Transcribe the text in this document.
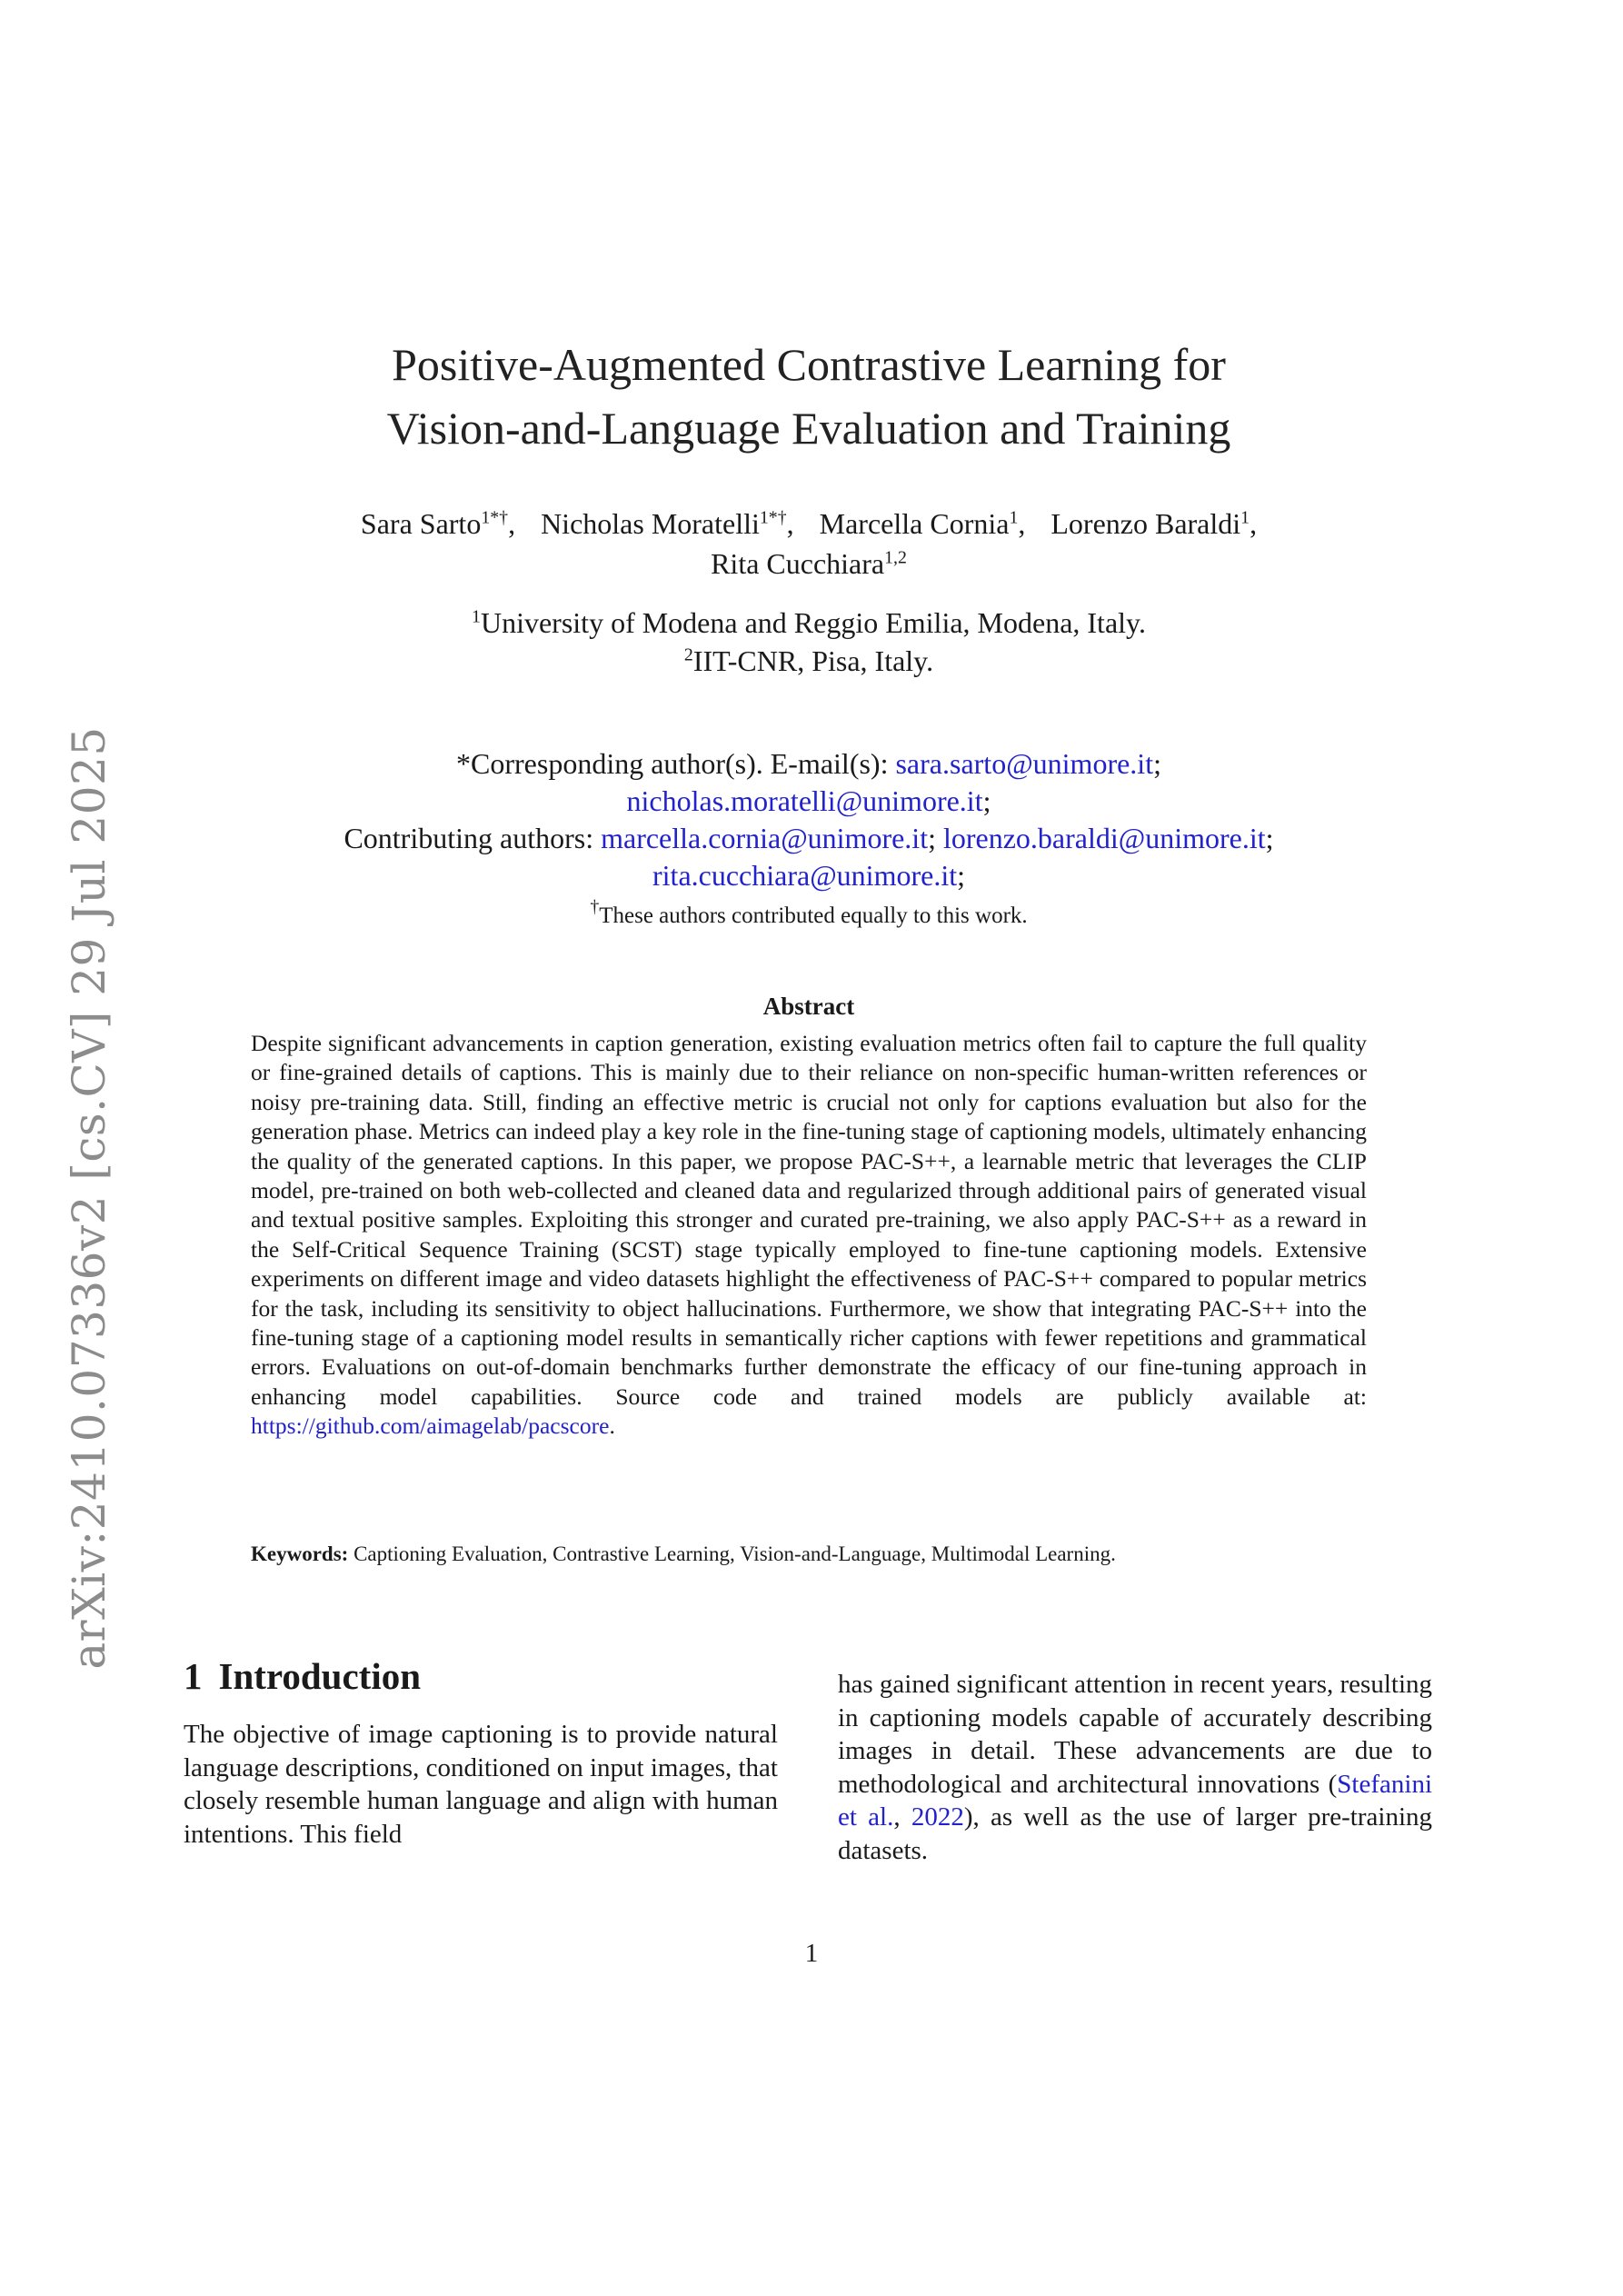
arXiv:2410.07336v2 [cs.CV] 29 Jul 2025
Positive-Augmented Contrastive Learning for
Vision-and-Language Evaluation and Training
Sara Sarto$^{1*\dagger}$, Nicholas Moratelli$^{1*\dagger}$, Marcella Cornia$^1$, Lorenzo Baraldi$^1$,
Rita Cucchiara$^{1,2}$
$^1$University of Modena and Reggio Emilia, Modena, Italy.
$^2$IIT-CNR, Pisa, Italy.
*Corresponding author(s). E-mail(s): sara.sarto@unimore.it;
nicholas.moratelli@unimore.it;
Contributing authors: marcella.cornia@unimore.it; lorenzo.baraldi@unimore.it;
rita.cucchiara@unimore.it;
†These authors contributed equally to this work.
Abstract
Despite significant advancements in caption generation, existing evaluation metrics often fail to capture the full quality or fine-grained details of captions. This is mainly due to their reliance on non-specific human-written references or noisy pre-training data. Still, finding an effective metric is crucial not only for captions evaluation but also for the generation phase. Metrics can indeed play a key role in the fine-tuning stage of captioning models, ultimately enhancing the quality of the generated captions. In this paper, we propose PAC-S++, a learnable metric that leverages the CLIP model, pre-trained on both web-collected and cleaned data and regularized through additional pairs of generated visual and textual positive samples. Exploiting this stronger and curated pre-training, we also apply PAC-S++ as a reward in the Self-Critical Sequence Training (SCST) stage typically employed to fine-tune captioning models. Extensive experiments on different image and video datasets highlight the effectiveness of PAC-S++ compared to popular metrics for the task, including its sensitivity to object hallucinations. Furthermore, we show that integrating PAC-S++ into the fine-tuning stage of a captioning model results in semantically richer captions with fewer repetitions and grammatical errors. Evaluations on out-of-domain benchmarks further demonstrate the efficacy of our fine-tuning approach in enhancing model capabilities. Source code and trained models are publicly available at: https://github.com/aimagelab/pacscore.
Keywords: Captioning Evaluation, Contrastive Learning, Vision-and-Language, Multimodal Learning.
1 Introduction
The objective of image captioning is to provide natural language descriptions, conditioned on input images, that closely resemble human language and align with human intentions. This field
has gained significant attention in recent years, resulting in captioning models capable of accurately describing images in detail. These advancements are due to methodological and architectural innovations (Stefanini et al., 2022), as well as the use of larger pre-training datasets.
1
